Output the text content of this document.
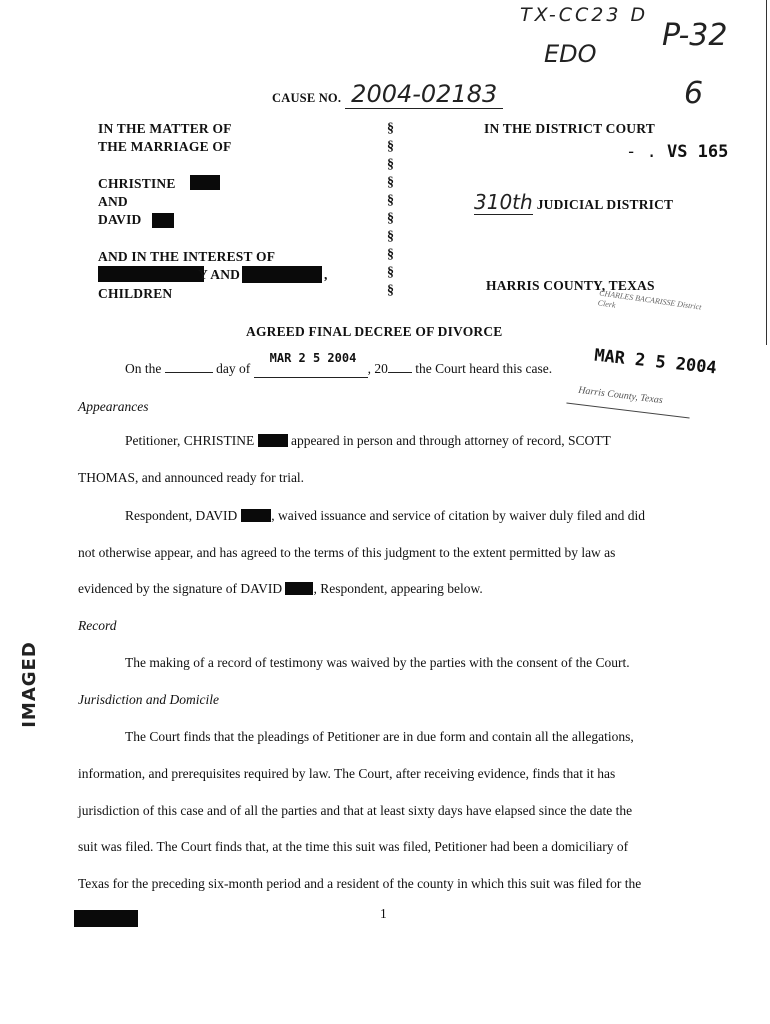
TX-CC23 D
P-32
EDO
6
CAUSE NO. 2004-02183
IN THE MATTER OF
THE MARRIAGE OF
CHRISTINE
AND
DAVID
AND IN THE INTEREST OF
Y AND	,
CHILDREN
§
§
§
§
§
§
§
§
§
§
IN THE DISTRICT COURT
- . VS 165
310th JUDICIAL DISTRICT
HARRIS COUNTY, TEXAS
CHARLES BACARISSE District Clerk
AGREED FINAL DECREE OF DIVORCE
On the	day of
MAR 2 5 2004
, 20 the Court heard this case. MAR 2 5 2004
Harris County, Texas
Appearances
Petitioner, CHRISTINE	appeared in person and through attorney of record, SCOTT
THOMAS, and announced ready for trial.
Respondent, DAVID	, waived issuance and service of citation by waiver duly filed and did
not otherwise appear, and has agreed to the terms of this judgment to the extent permitted by law as
evidenced by the signature of DAVID , Respondent, appearing below.
Record
The making of a record of testimony was waived by the parties with the consent of the Court.
Jurisdiction and Domicile
The Court finds that the pleadings of Petitioner are in due form and contain all the allegations,
information, and prerequisites required by law. The Court, after receiving evidence, finds that it has
jurisdiction of this case and of all the parties and that at least sixty days have elapsed since the date the
suit was filed. The Court finds that, at the time this suit was filed, Petitioner had been a domiciliary of
Texas for the preceding six-month period and a resident of the county in which this suit was filed for the
1
IMAGED
